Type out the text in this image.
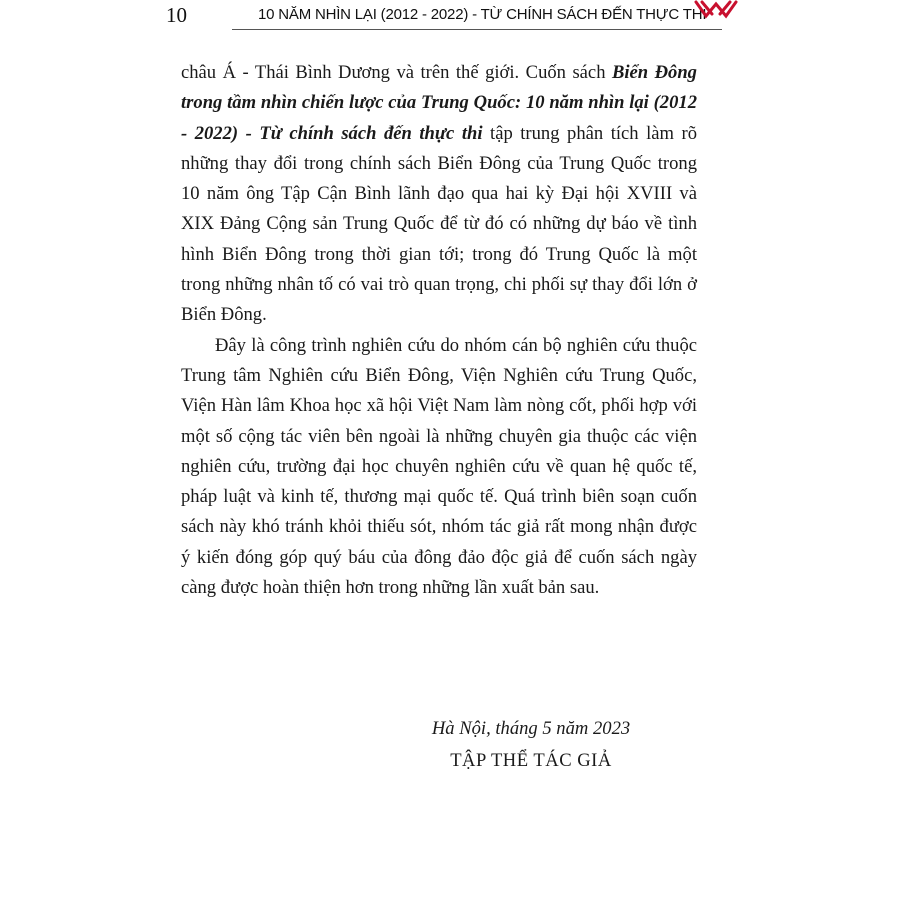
10	10 NĂM NHÌN LẠI (2012 - 2022) - TỪ CHÍNH SÁCH ĐẾN THỰC THI

châu Á - Thái Bình Dương và trên thế giới. Cuốn sách Biển Đông trong tầm nhìn chiến lược của Trung Quốc: 10 năm nhìn lại (2012 - 2022) - Từ chính sách đến thực thi tập trung phân tích làm rõ những thay đổi trong chính sách Biển Đông của Trung Quốc trong 10 năm ông Tập Cận Bình lãnh đạo qua hai kỳ Đại hội XVIII và XIX Đảng Cộng sản Trung Quốc để từ đó có những dự báo về tình hình Biển Đông trong thời gian tới; trong đó Trung Quốc là một trong những nhân tố có vai trò quan trọng, chi phối sự thay đổi lớn ở Biển Đông.

Đây là công trình nghiên cứu do nhóm cán bộ nghiên cứu thuộc Trung tâm Nghiên cứu Biển Đông, Viện Nghiên cứu Trung Quốc, Viện Hàn lâm Khoa học xã hội Việt Nam làm nòng cốt, phối hợp với một số cộng tác viên bên ngoài là những chuyên gia thuộc các viện nghiên cứu, trường đại học chuyên nghiên cứu về quan hệ quốc tế, pháp luật và kinh tế, thương mại quốc tế. Quá trình biên soạn cuốn sách này khó tránh khỏi thiếu sót, nhóm tác giả rất mong nhận được ý kiến đóng góp quý báu của đông đảo độc giả để cuốn sách ngày càng được hoàn thiện hơn trong những lần xuất bản sau.

Hà Nội, tháng 5 năm 2023
TẬP THỂ TÁC GIẢ
